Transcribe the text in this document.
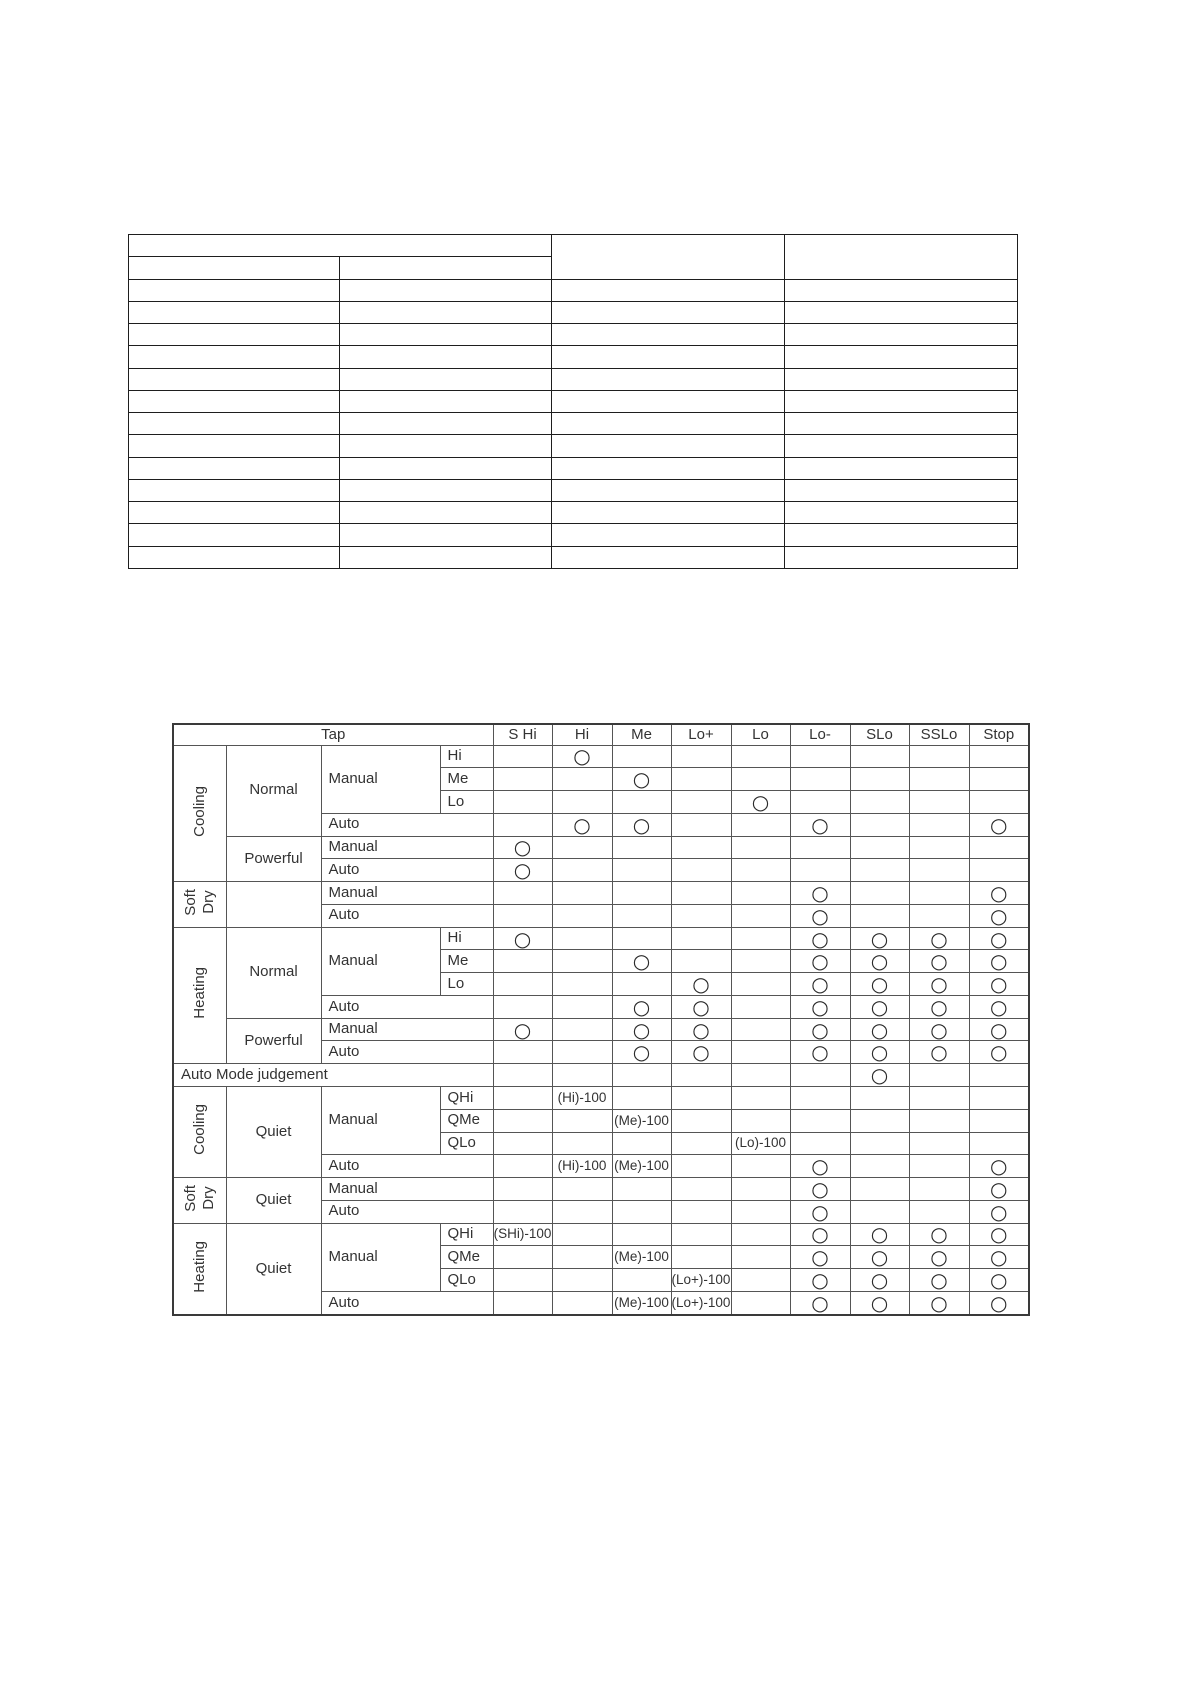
Tap				S Hi	Hi	Me	Lo+	Lo	Lo-	SLo	SSLo	Stop
Cooling	Normal	Manual	Hi		○							
			Me			○						
			Lo					○				
		Auto			○	○			○			○
	Powerful	Manual		○								
		Auto		○								
Soft
Dry		Manual							○			○
		Auto							○			○
Heating	Normal	Manual	Hi	○					○	○	○	○
			Me			○			○	○	○	○
			Lo				○		○	○	○	○
		Auto				○	○		○	○	○	○
	Powerful	Manual		○		○	○		○	○	○	○
		Auto				○	○		○	○	○	○
Auto Mode judgement										○		
Cooling	Quiet	Manual	QHi		(Hi)-100							
			QMe			(Me)-100						
			QLo					(Lo)-100				
		Auto			(Hi)-100	(Me)-100			○			○
Soft
Dry	Quiet	Manual							○			○
		Auto							○			○
Heating	Quiet	Manual	QHi	(SHi)-100					○	○	○	○
			QMe			(Me)-100			○	○	○	○
			QLo				(Lo+)-100		○	○	○	○
		Auto				(Me)-100	(Lo+)-100		○	○	○	○
